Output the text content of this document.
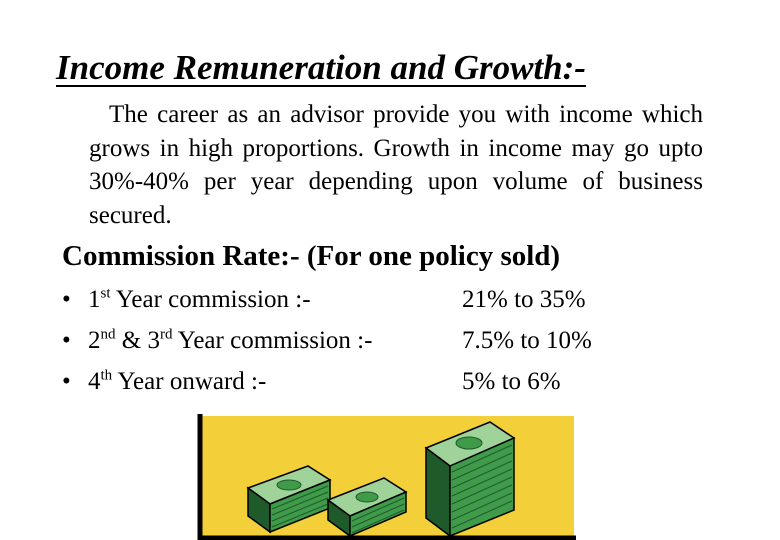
Income Remuneration and Growth:-

The career as an advisor provide you with income which grows in high proportions. Growth in income may go upto 30%-40% per year depending upon volume of business secured.

Commission Rate:- (For one policy sold)
• 1st Year commission :-	21% to 35%
• 2nd & 3rd Year commission :-	7.5% to 10%
• 4th Year onward :-	5% to 6%
